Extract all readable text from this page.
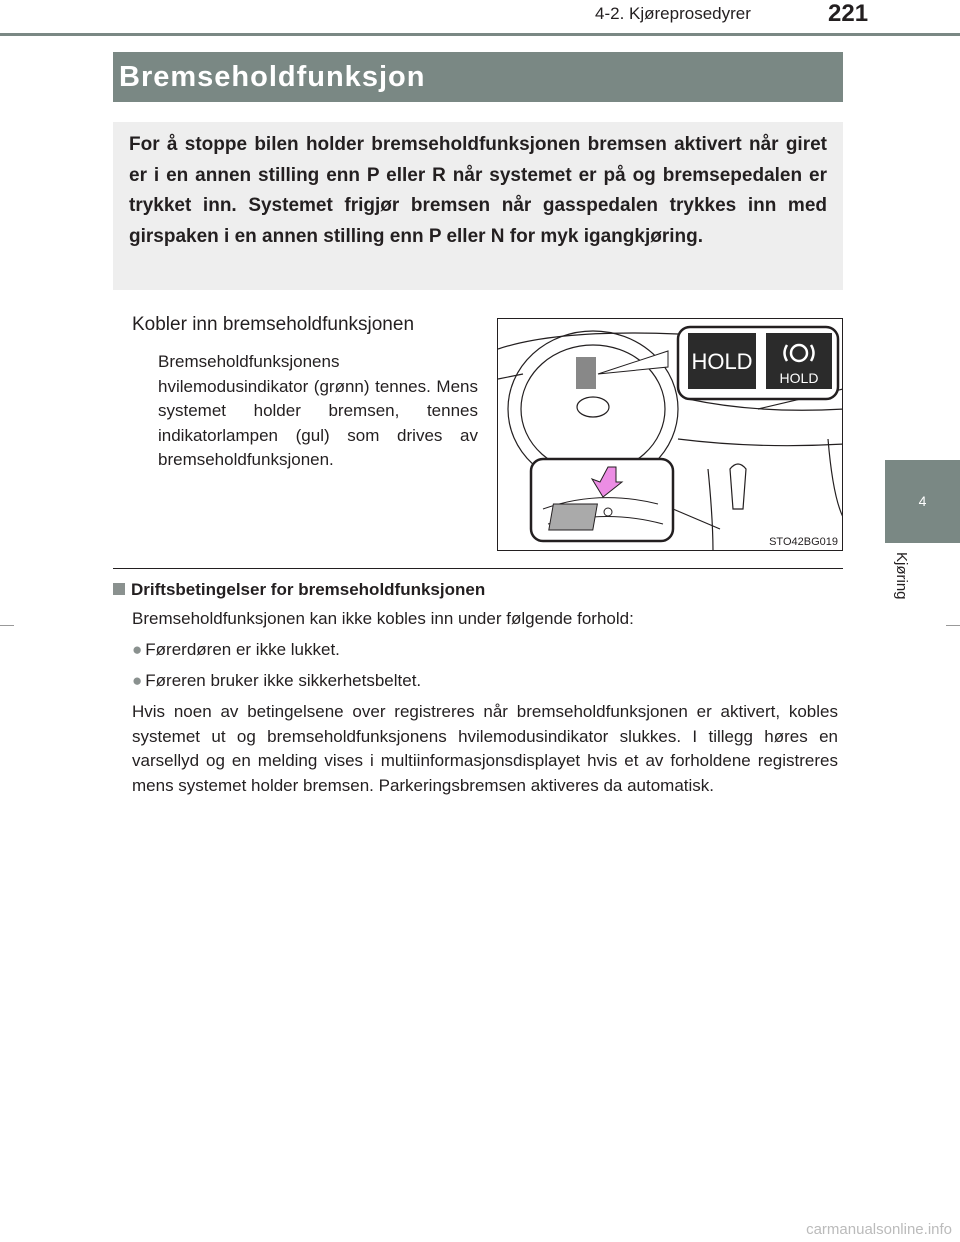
4-2. Kjøreprosedyrer	221
Bremseholdfunksjon
For å stoppe bilen holder bremseholdfunksjonen bremsen aktivert når giret er i en annen stilling enn P eller R når systemet er på og bremsepedalen er trykket inn. Systemet frigjør bremsen når gasspedalen trykkes inn med girspaken i en annen stilling enn P eller N for myk igangkjøring.
Kobler inn bremseholdfunksjonen
Bremseholdfunksjonens hvilemodusindikator (grønn) tennes. Mens systemet holder bremsen, tennes indikatorlampen (gul) som drives av bremseholdfunksjonen.
HOLD
HOLD
STO42BG019
Driftsbetingelser for bremseholdfunksjonen
Bremseholdfunksjonen kan ikke kobles inn under følgende forhold:
● Førerdøren er ikke lukket.
● Føreren bruker ikke sikkerhetsbeltet.
Hvis noen av betingelsene over registreres når bremseholdfunksjonen er aktivert, kobles systemet ut og bremseholdfunksjonens hvilemodusindikator slukkes. I tillegg høres en varsellyd og en melding vises i multiinformasjonsdisplayet hvis et av forholdene registreres mens systemet holder bremsen. Parkeringsbremsen aktiveres da automatisk.
4
Kjøring
carmanualsonline.info
